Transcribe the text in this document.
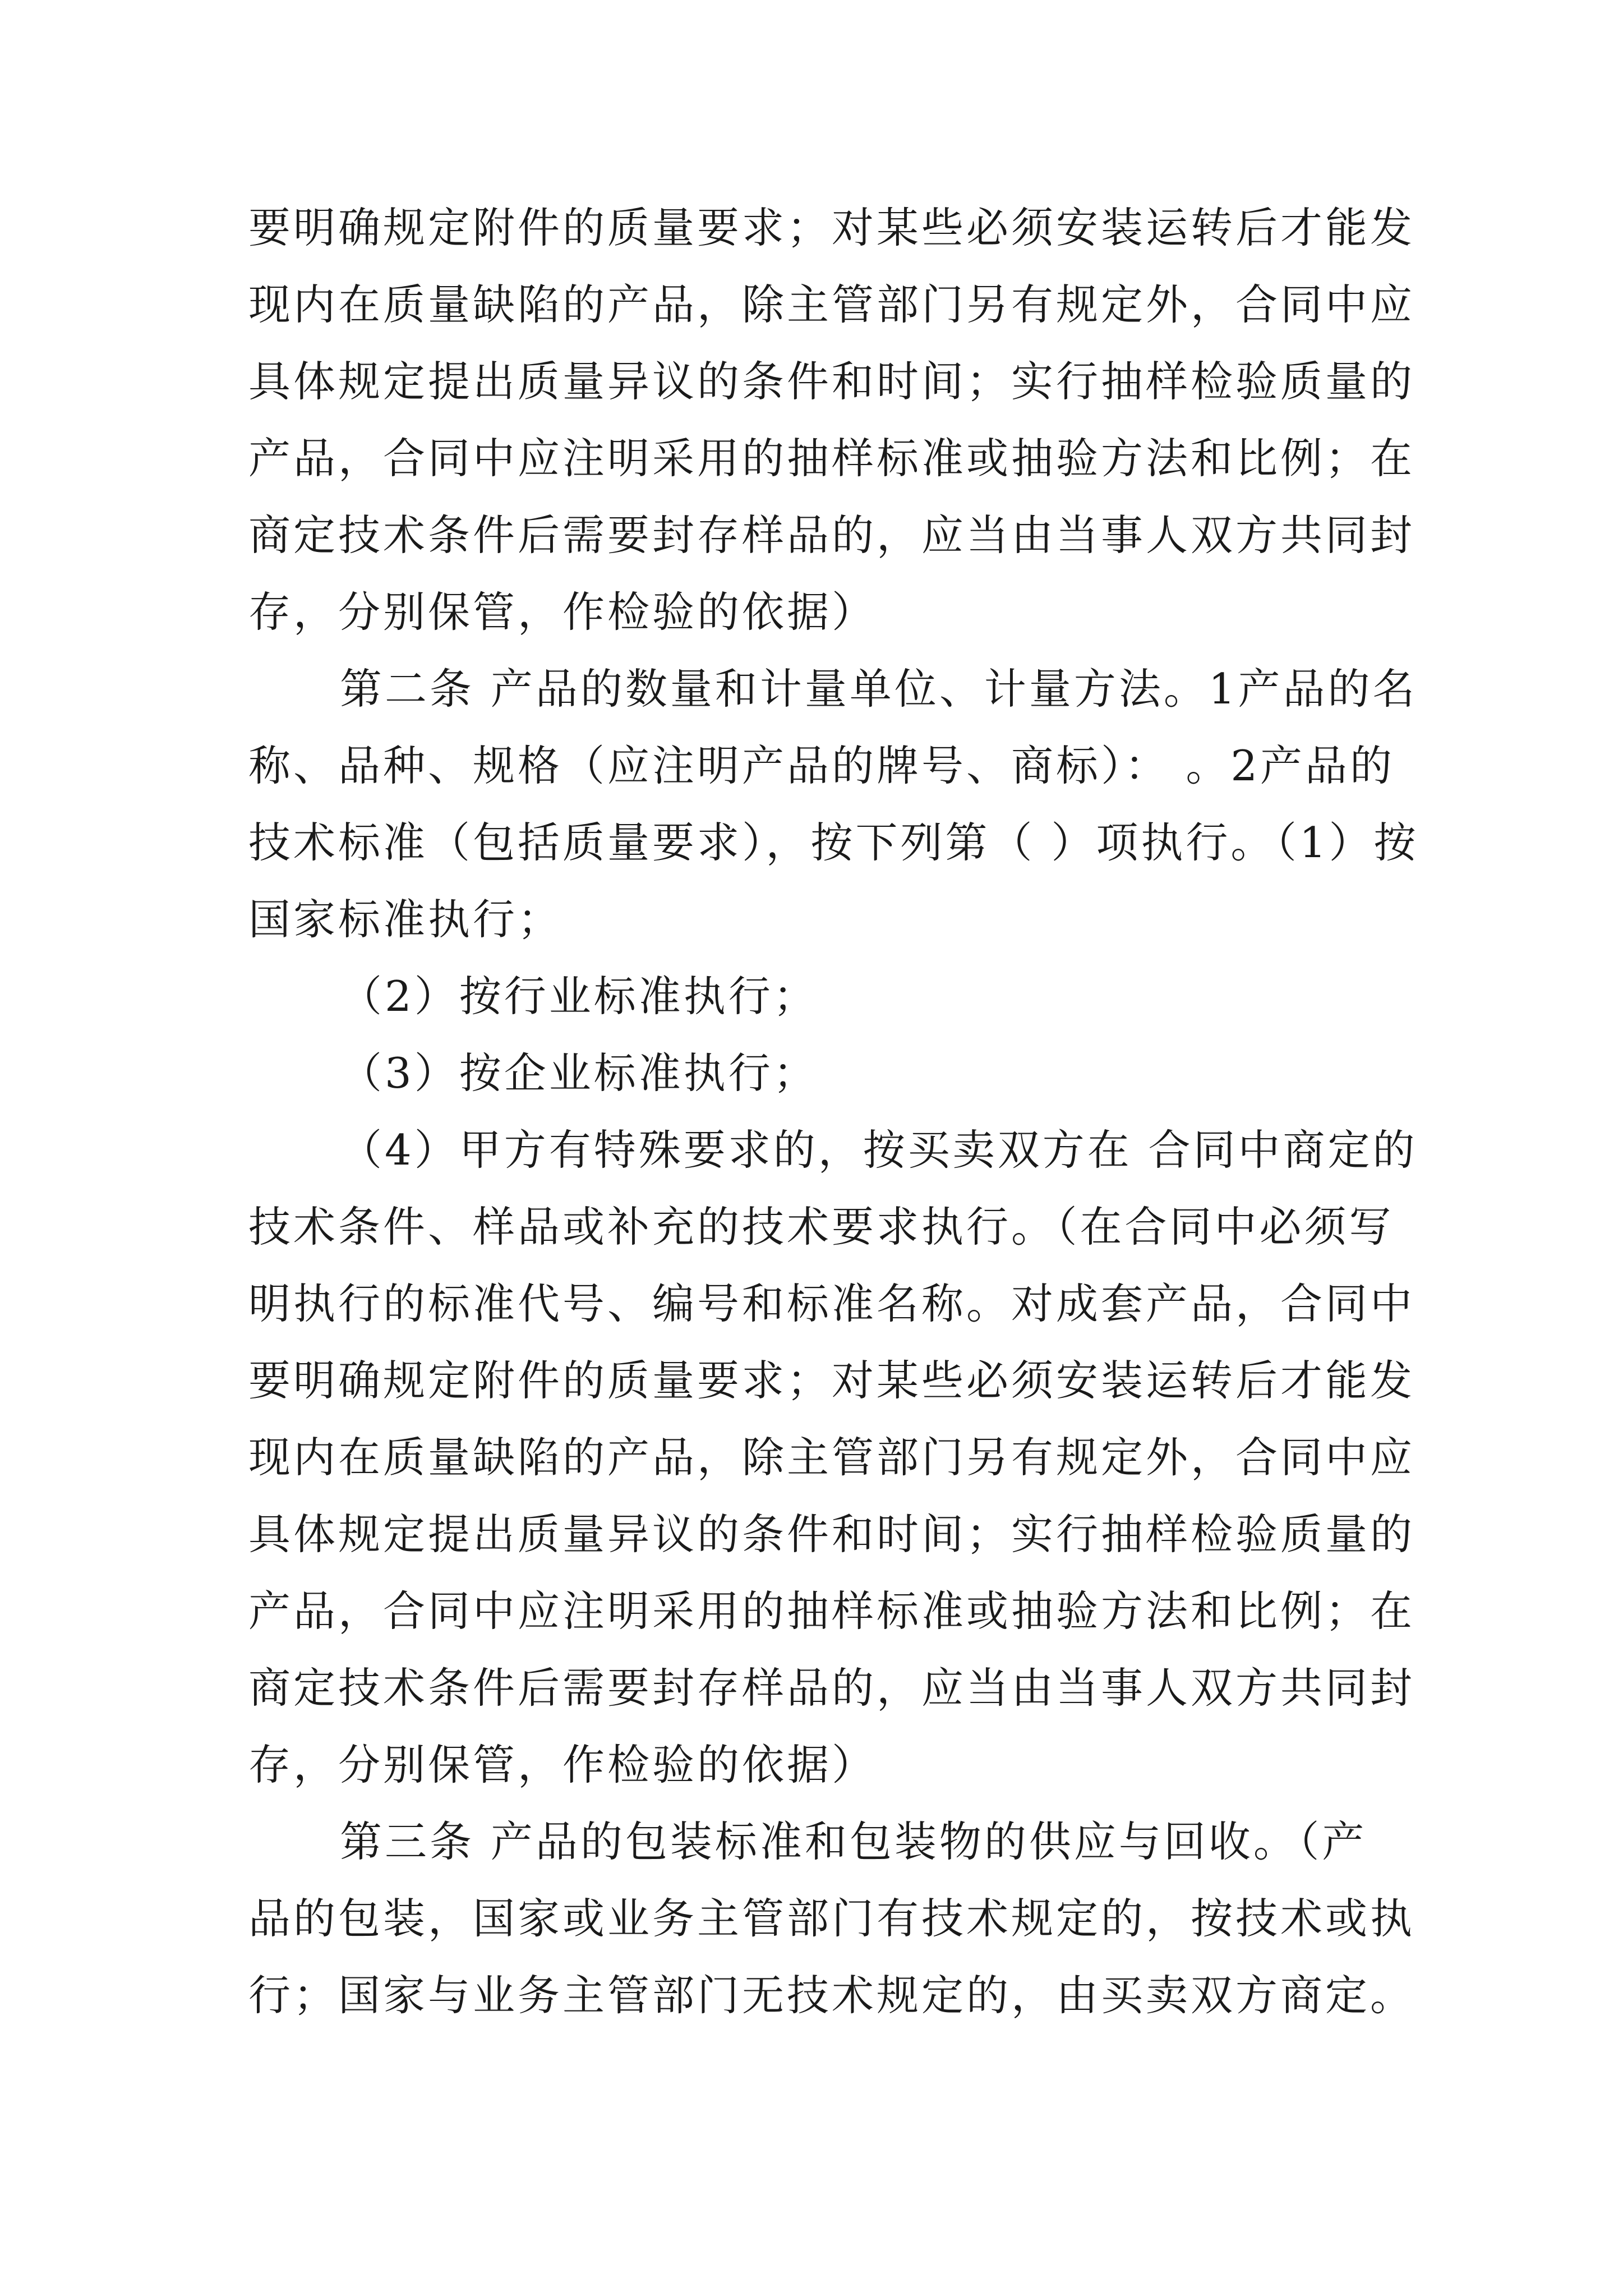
要明确规定附件的质量要求；对某些必须安装运转后才能发
现内在质量缺陷的产品，除主管部门另有规定外，合同中应
具体规定提出质量异议的条件和时间；实行抽样检验质量的
产品，合同中应注明采用的抽样标准或抽验方法和比例；在
商定技术条件后需要封存样品的，应当由当事人双方共同封
存，分别保管，作检验的依据）
第二条 产品的数量和计量单位、计量方法。1产品的名
称、品种、规格（应注明产品的牌号、商标）： 。2产品的
技术标准（包括质量要求），按下列第（ ）项执行。（1）按
国家标准执行；
（2）按行业标准执行；
（3）按企业标准执行；
（4）甲方有特殊要求的，按买卖双方在 合同中商定的
技术条件、样品或补充的技术要求执行。（在合同中必须写
明执行的标准代号、编号和标准名称。对成套产品，合同中
要明确规定附件的质量要求；对某些必须安装运转后才能发
现内在质量缺陷的产品，除主管部门另有规定外，合同中应
具体规定提出质量异议的条件和时间；实行抽样检验质量的
产品，合同中应注明采用的抽样标准或抽验方法和比例；在
商定技术条件后需要封存样品的，应当由当事人双方共同封
存，分别保管，作检验的依据）
第三条 产品的包装标准和包装物的供应与回收。（产
品的包装，国家或业务主管部门有技术规定的，按技术或执
行；国家与业务主管部门无技术规定的，由买卖双方商定。
